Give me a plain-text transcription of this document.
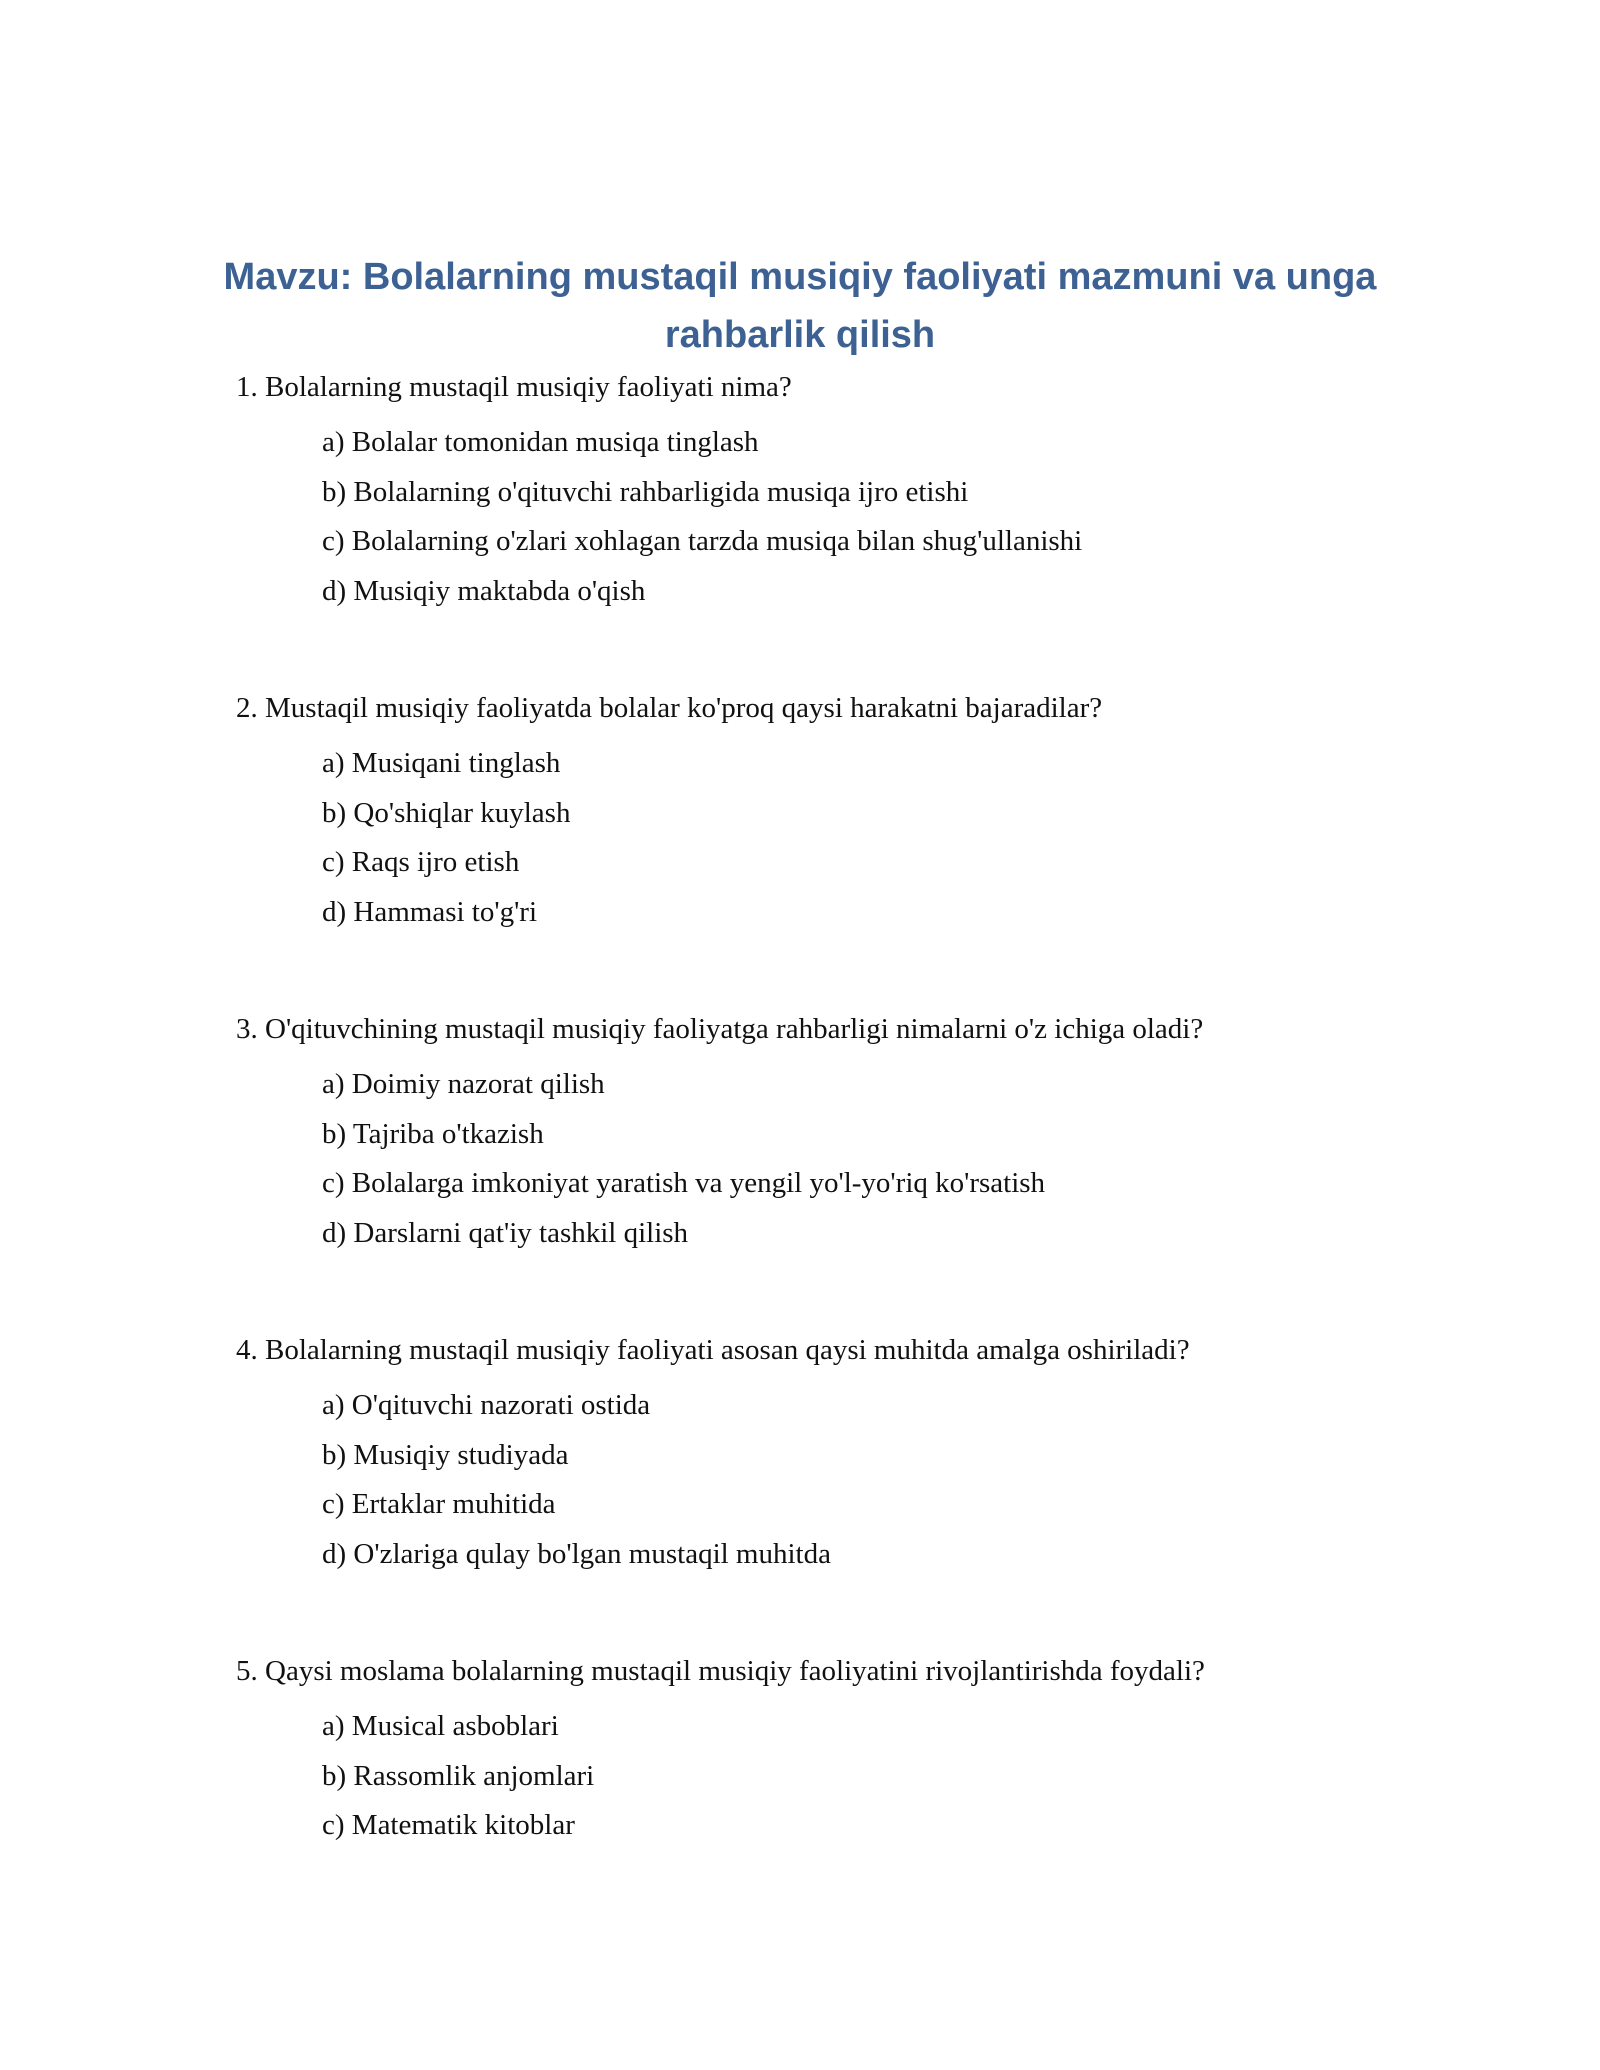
Mavzu: Bolalarning mustaqil musiqiy faoliyati mazmuni va unga rahbarlik qilish

1. Bolalarning mustaqil musiqiy faoliyati nima?

a) Bolalar tomonidan musiqa tinglash
b) Bolalarning o'qituvchi rahbarligida musiqa ijro etishi
c) Bolalarning o'zlari xohlagan tarzda musiqa bilan shug'ullanishi
d) Musiqiy maktabda o'qish

2. Mustaqil musiqiy faoliyatda bolalar ko'proq qaysi harakatni bajaradilar?

a) Musiqani tinglash
b) Qo'shiqlar kuylash
c) Raqs ijro etish
d) Hammasi to'g'ri

3. O'qituvchining mustaqil musiqiy faoliyatga rahbarligi nimalarni o'z ichiga oladi?

a) Doimiy nazorat qilish
b) Tajriba o'tkazish
c) Bolalarga imkoniyat yaratish va yengil yo'l-yo'riq ko'rsatish
d) Darslarni qat'iy tashkil qilish

4. Bolalarning mustaqil musiqiy faoliyati asosan qaysi muhitda amalga oshiriladi?

a) O'qituvchi nazorati ostida
b) Musiqiy studiyada
c) Ertaklar muhitida
d) O'zlariga qulay bo'lgan mustaqil muhitda

5. Qaysi moslama bolalarning mustaqil musiqiy faoliyatini rivojlantirishda foydali?

a) Musical asboblari
b) Rassomlik anjomlari
c) Matematik kitoblar
